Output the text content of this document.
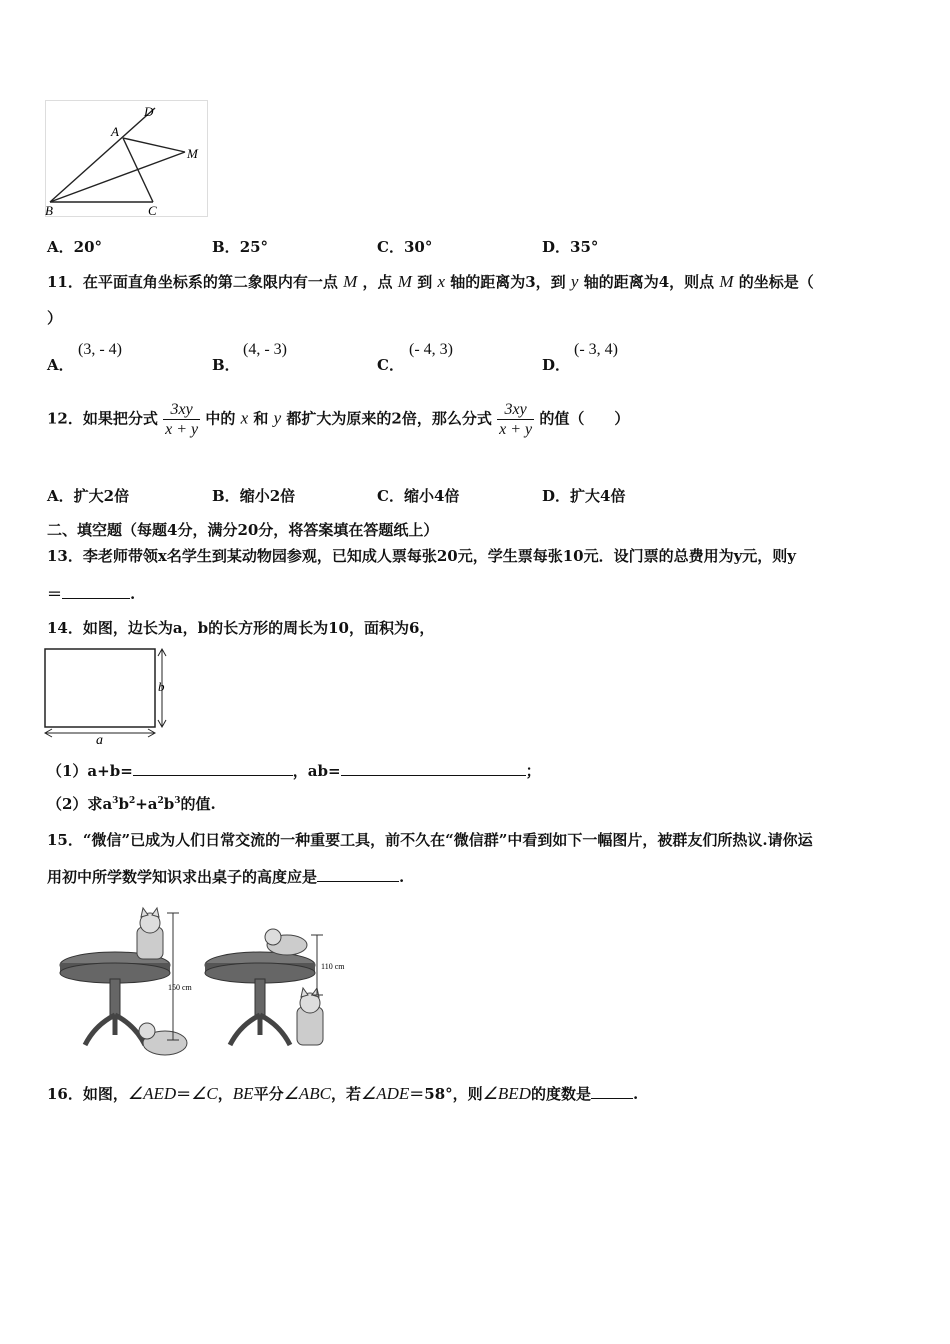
D
A
M
B	C
A．20°	B．25°	C．30°	D．35°
11．在平面直角坐标系的第二象限内有一点 M ，点 M 到 x 轴的距离为3，到 y 轴的距离为4，则点 M 的坐标是（
）
A．
(3, - 4)
B．
(4, - 3)
C．
(- 4, 3)
D．
(- 3, 4)
12．如果把分式 $\frac{3xy}{x + y}$ 中的 x 和 y 都扩大为原来的2倍，那么分式 $\frac{3xy}{x + y}$ 的值（　　）
A．扩大2倍	B．缩小2倍	C．缩小4倍	D．扩大4倍
二、填空题（每题4分，满分20分，将答案填在答题纸上）
13．李老师带领x名学生到某动物园参观，已知成人票每张20元，学生票每张10元．设门票的总费用为y元，则y
＝	.
14．如图，边长为a，b的长方形的周长为10，面积为6，
b
a
（1）a+b=	，ab=	；
（2）求$a^3b^2+a^2b^3$的值.
15．“微信”已成为人们日常交流的一种重要工具，前不久在“微信群”中看到如下一幅图片，被群友们所热议.请你运
用初中所学数学知识求出桌子的高度应是	.
150 cm
110 cm
16．如图，∠AED＝∠C，BE平分∠ABC，若∠ADE＝58°，则∠BED的度数是	.
